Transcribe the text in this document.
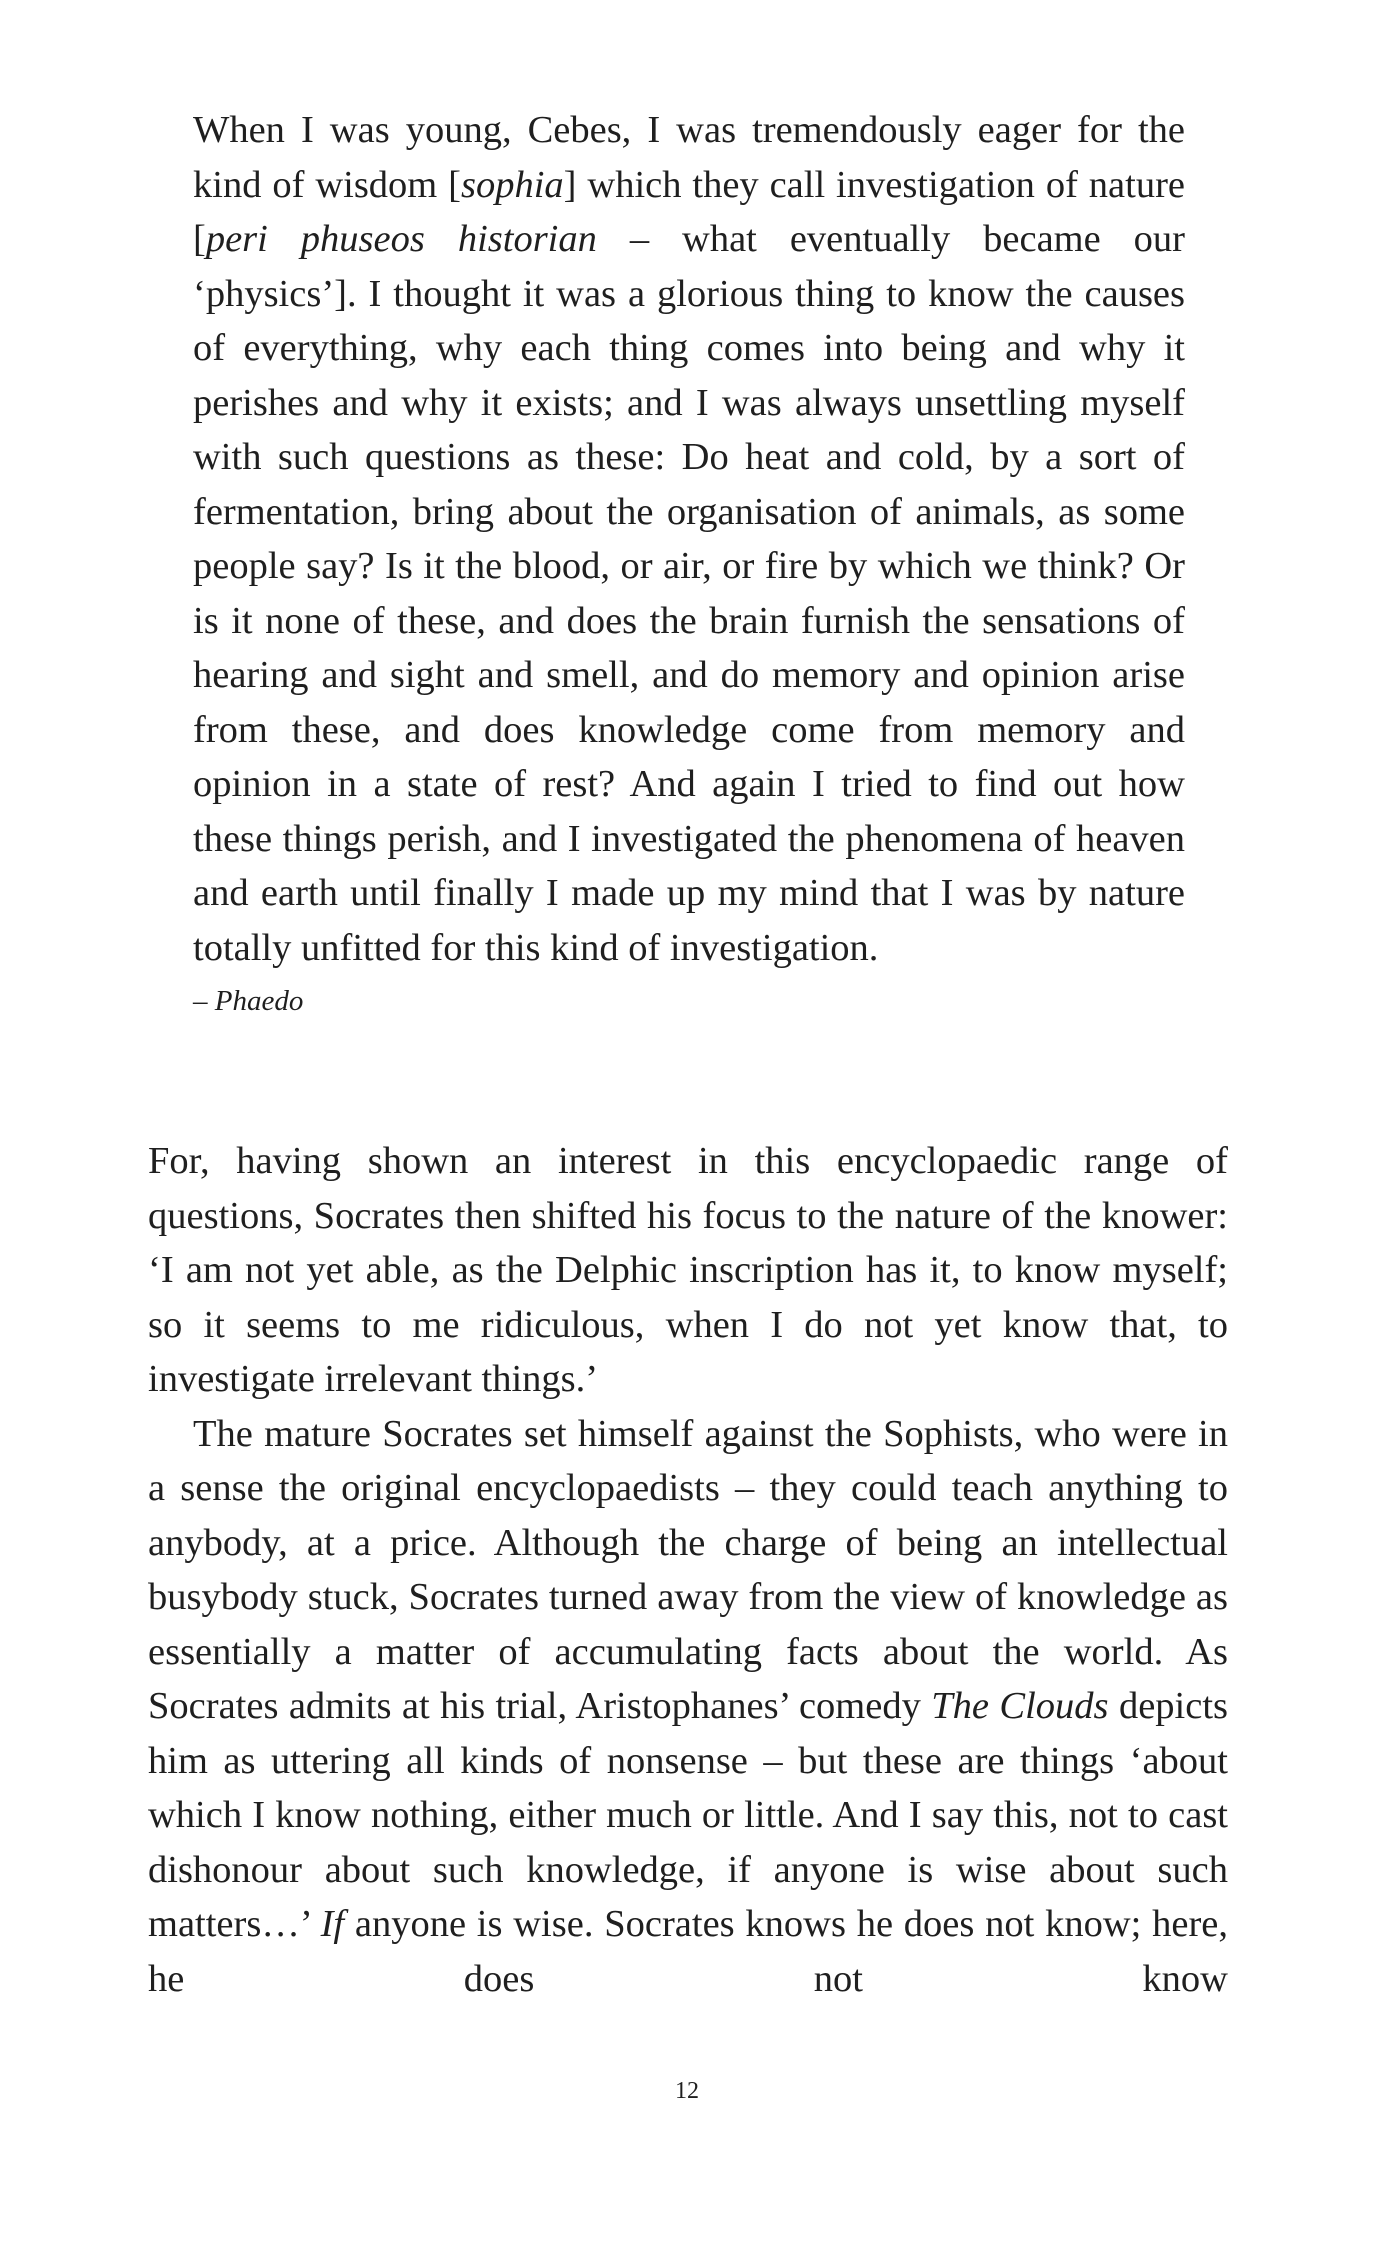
When I was young, Cebes, I was tremendously eager for the kind of wisdom [sophia] which they call investigation of nature [peri phuseos historian – what eventually became our ‘physics’]. I thought it was a glorious thing to know the causes of everything, why each thing comes into being and why it perishes and why it exists; and I was always unsettling myself with such questions as these: Do heat and cold, by a sort of fermentation, bring about the organisation of animals, as some people say? Is it the blood, or air, or fire by which we think? Or is it none of these, and does the brain furnish the sensations of hearing and sight and smell, and do memory and opinion arise from these, and does knowledge come from memory and opinion in a state of rest? And again I tried to find out how these things perish, and I investigated the phenomena of heaven and earth until finally I made up my mind that I was by nature totally unfitted for this kind of investigation.

– Phaedo

For, having shown an interest in this encyclopaedic range of questions, Socrates then shifted his focus to the nature of the knower: ‘I am not yet able, as the Delphic inscription has it, to know myself; so it seems to me ridiculous, when I do not yet know that, to investigate irrelevant things.’

The mature Socrates set himself against the Sophists, who were in a sense the original encyclopaedists – they could teach anything to anybody, at a price. Although the charge of being an intellectual busybody stuck, Socrates turned away from the view of knowledge as essentially a matter of accumulating facts about the world. As Socrates admits at his trial, Aristophanes’ comedy The Clouds depicts him as uttering all kinds of nonsense – but these are things ‘about which I know nothing, either much or little. And I say this, not to cast dishonour about such knowledge, if anyone is wise about such matters…’ If anyone is wise. Socrates knows he does not know; here, he does not know

12
